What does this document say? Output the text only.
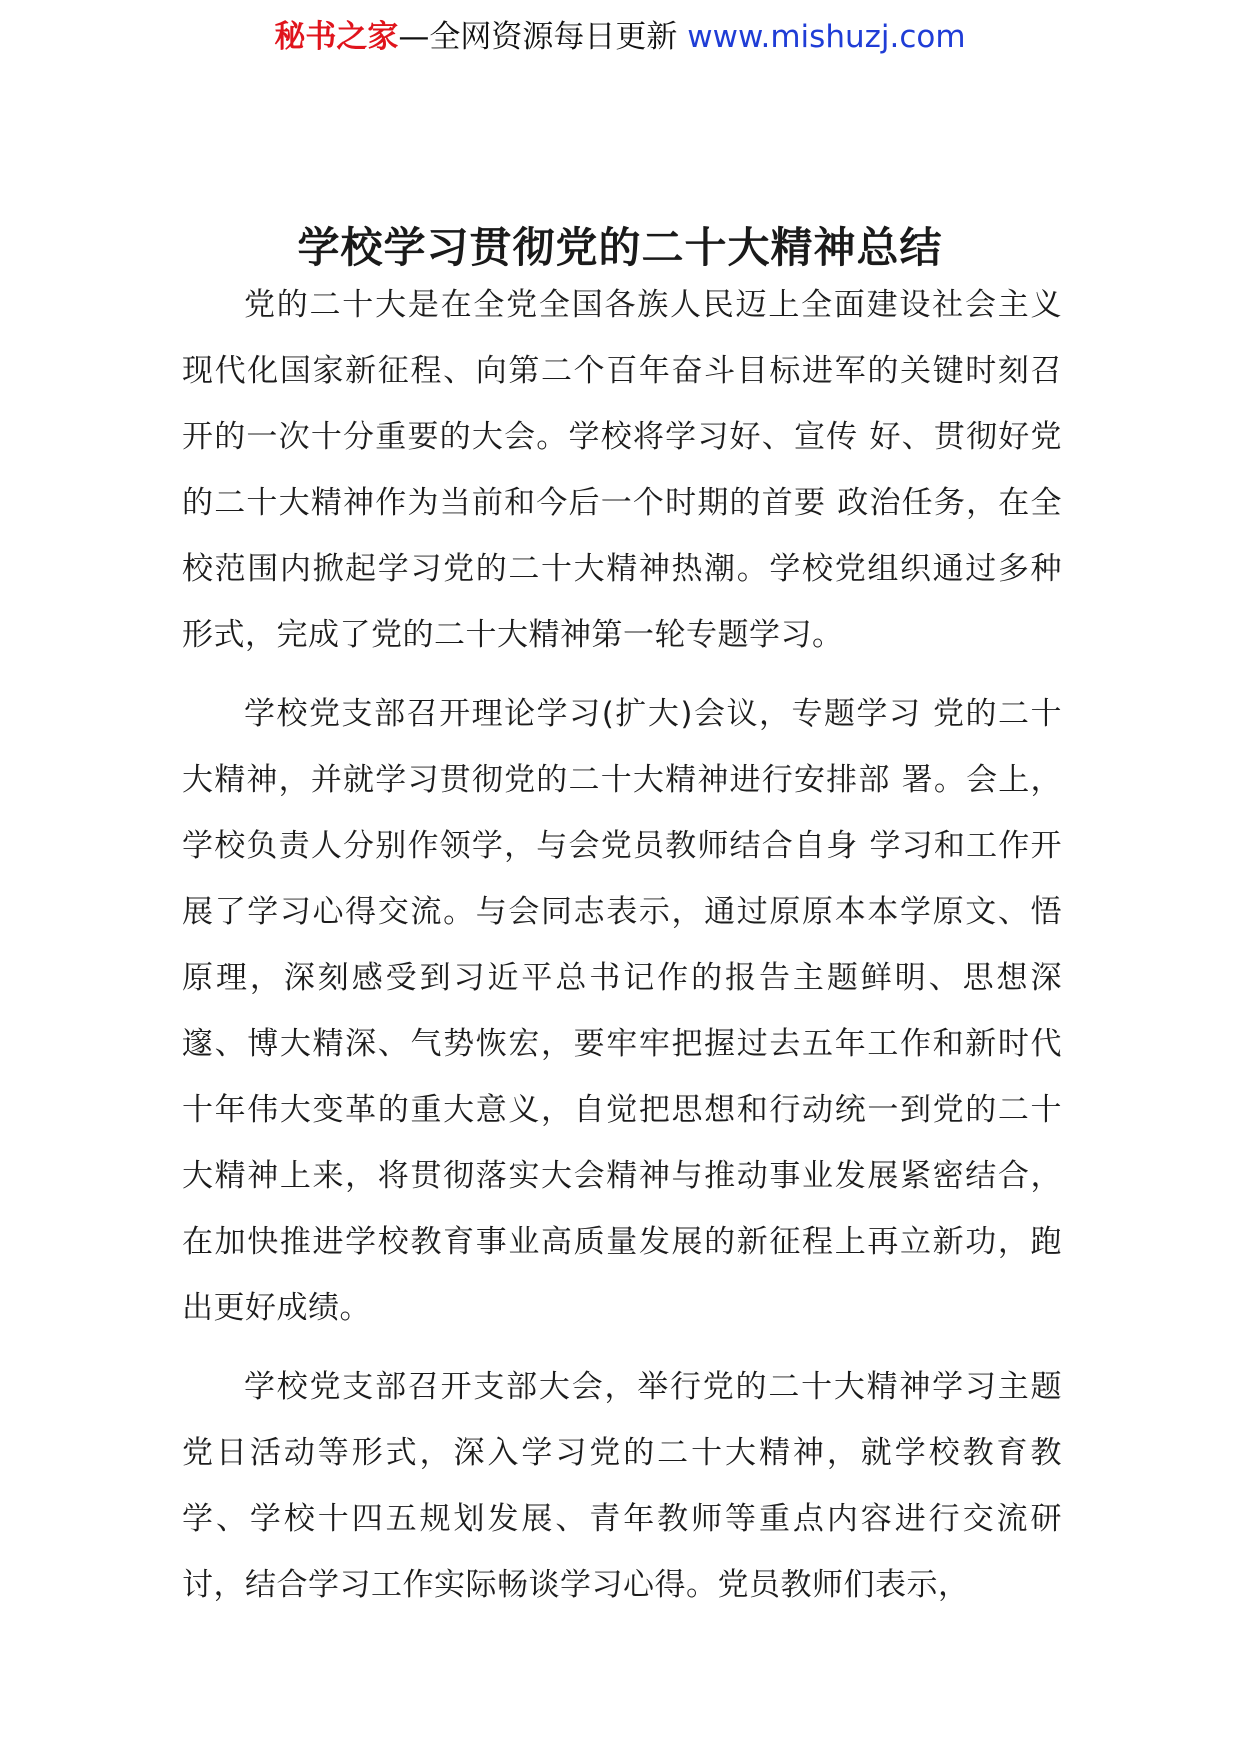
秘书之家—全网资源每日更新 www.mishuzj.com
学校学习贯彻党的二十大精神总结

党的二十大是在全党全国各族人民迈上全面建设社会主义现代化国家新征程、向第二个百年奋斗目标进军的关键时刻召开的一次十分重要的大会。学校将学习好、宣传 好、贯彻好党的二十大精神作为当前和今后一个时期的首要 政治任务，在全校范围内掀起学习党的二十大精神热潮。学校党组织通过多种形式，完成了党的二十大精神第一轮专题学习。

学校党支部召开理论学习(扩大)会议，专题学习 党的二十大精神，并就学习贯彻党的二十大精神进行安排部 署。会上，学校负责人分别作领学，与会党员教师结合自身 学习和工作开展了学习心得交流。与会同志表示，通过原原本本学原文、悟原理，深刻感受到习近平总书记作的报告主题鲜明、思想深邃、博大精深、气势恢宏，要牢牢把握过去五年工作和新时代十年伟大变革的重大意义，自觉把思想和行动统一到党的二十大精神上来，将贯彻落实大会精神与推动事业发展紧密结合，在加快推进学校教育事业高质量发展的新征程上再立新功，跑出更好成绩。

学校党支部召开支部大会，举行党的二十大精神学习主题党日活动等形式，深入学习党的二十大精神，就学校教育教学、学校十四五规划发展、青年教师等重点内容进行交流研讨，结合学习工作实际畅谈学习心得。党员教师们表示，
